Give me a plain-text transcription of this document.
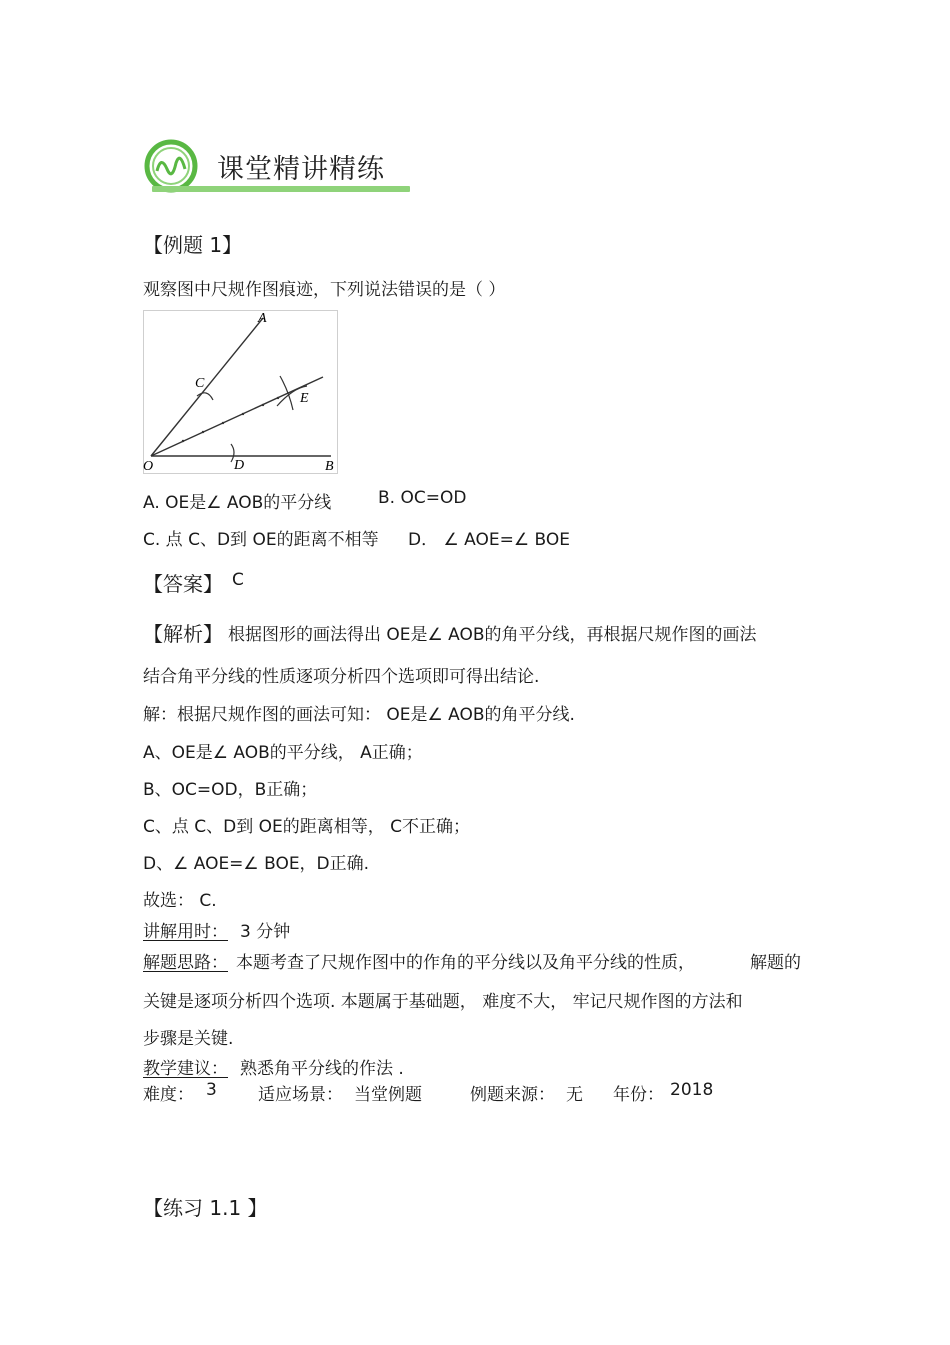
课堂精讲精练
【例题 1】
观察图中尺规作图痕迹，下列说法错误的是（ ）
A
C
E
O	D	B
A. OE是∠ AOB的平分线	B. OC=OD
C. 点 C、D到 OE的距离不相等 D． ∠ AOE=∠ BOE
【答案】 C
【解析】 根据图形的画法得出 OE是∠ AOB的角平分线，再根据尺规作图的画法
结合角平分线的性质逐项分析四个选项即可得出结论.
解：根据尺规作图的画法可知： OE是∠ AOB的角平分线.
A、OE是∠ AOB的平分线， A正确；
B、OC=OD，B正确；
C、点 C、D到 OE的距离相等， C不正确；
D、∠ AOE=∠ BOE，D正确.
故选： C.
讲解用时： 3 分钟
解题思路： 本题考查了尺规作图中的作角的平分线以及角平分线的性质，	解题的
关键是逐项分析四个选项. 本题属于基础题， 难度不大， 牢记尺规作图的方法和
步骤是关键.
教学建议： 熟悉角平分线的作法 .
难度： 3 适应场景： 当堂例题	例题来源： 无 年份： 2018
【练习 1.1 】
